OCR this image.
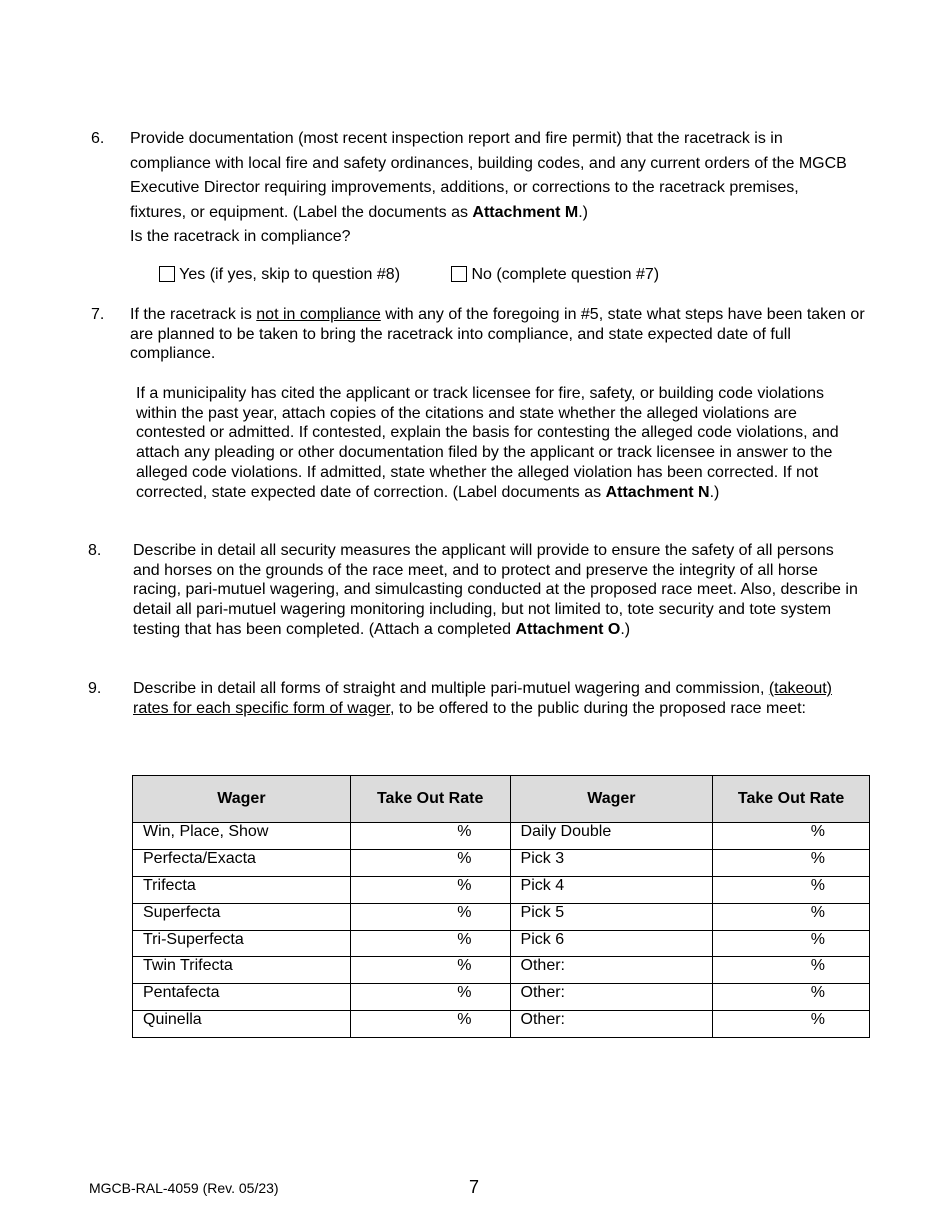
6. Provide documentation (most recent inspection report and fire permit) that the racetrack is in compliance with local fire and safety ordinances, building codes, and any current orders of the MGCB Executive Director requiring improvements, additions, or corrections to the racetrack premises, fixtures, or equipment. (Label the documents as Attachment M.)
Is the racetrack in compliance?
Yes (if yes, skip to question #8)	No (complete question #7)
7. If the racetrack is not in compliance with any of the foregoing in #5, state what steps have been taken or are planned to be taken to bring the racetrack into compliance, and state expected date of full compliance.
If a municipality has cited the applicant or track licensee for fire, safety, or building code violations within the past year, attach copies of the citations and state whether the alleged violations are contested or admitted. If contested, explain the basis for contesting the alleged code violations, and attach any pleading or other documentation filed by the applicant or track licensee in answer to the alleged code violations. If admitted, state whether the alleged violation has been corrected. If not corrected, state expected date of correction. (Label documents as Attachment N.)
8. Describe in detail all security measures the applicant will provide to ensure the safety of all persons and horses on the grounds of the race meet, and to protect and preserve the integrity of all horse racing, pari-mutuel wagering, and simulcasting conducted at the proposed race meet. Also, describe in detail all pari-mutuel wagering monitoring including, but not limited to, tote security and tote system testing that has been completed. (Attach a completed Attachment O.)
9. Describe in detail all forms of straight and multiple pari-mutuel wagering and commission, (takeout) rates for each specific form of wager, to be offered to the public during the proposed race meet:
Wager	Take Out Rate	Wager	Take Out Rate
Win, Place, Show	%	Daily Double	%
Perfecta/Exacta	%	Pick 3	%
Trifecta	%	Pick 4	%
Superfecta	%	Pick 5	%
Tri-Superfecta	%	Pick 6	%
Twin Trifecta	%	Other:	%
Pentafecta	%	Other:	%
Quinella	%	Other:	%
MGCB-RAL-4059 (Rev. 05/23)	7
